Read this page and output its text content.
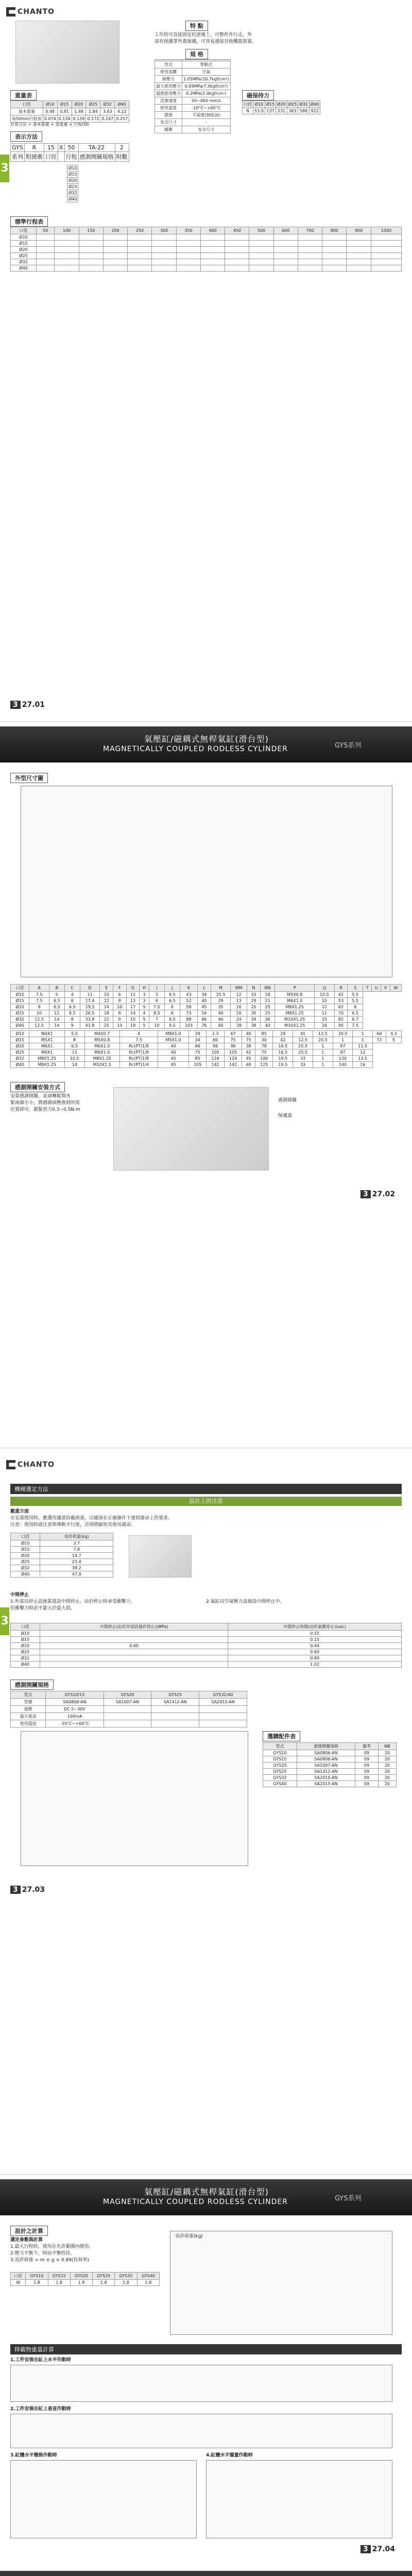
CHANTO
3
特 點
工作時可直接固定於滑塊上，可整件作行走，外
部有保護罩外蓋保護，可容易連接其他機器裝置。
規 格

型式	單動式
使用流體	空氣
耐壓力	1.05MPa(10.7kgf/cm²)
最大使用壓力	0.69MPa(7.0kgf/cm²)
最低使用壓力	0.2MPa(2.0kgf/cm²)
活塞速度	50~400 mm/s
使用溫度	-10°C~+60°C
潤滑	不需要(無給油)
安全尺寸	-
緩衝	安全尺寸
重量表
口徑	Ø10	Ø15	Ø20	Ø25	Ø32	Ø40
基本重量	0.48	0.81	1.48	1.84	3.63	4.22
每50mm行程加	0.074	0.134	0.139	0.172	0.247	0.257
計算方法 = 基本重量 + 加重量 × 行程/50
磁保持力
口徑	Ø10	Ø15	Ø20	Ø25	Ø32	Ø40
N	53.9	137	231	363	588	922
表示方法
GYS	R	15	X	50	TA-22	2
系列	附緩衝	口徑		行程	感測開關規格	附數
Ø10
Ø15
Ø20
Ø25
Ø32
Ø40
標準行程表
口徑	50	100	150	200	250	300	350	400	450	500	600	700	800	900	1000
Ø10															
Ø15															
Ø20															
Ø25															
Ø32															
Ø40															
3 27.01
氣壓缸/磁耦式無桿氣缸(滑台型)
MAGNETICALLY COUPLED RODLESS CYLINDER	GYS系列
外型尺寸圖
口徑	A	B	C	D	E	F	G	H	I	J	K	L	M	MM	N	NN	P	Q	R	S	T	U	V	W
Ø10	7.5	5	4	11	10	6	12	3	3	8.5	43	34	25.5	12	33	18	M5X0.8	10.5	42	5.5				
Ø15	7.5	6.5	6	17.4	12	8	13	3	6	6.5	52	40	29	13	29	21	M6X1.0	10	53	5.5				
Ø20	9	6.5	6.5	19.5	14	10	17	5	7.5	6	58	45	35	16	25	25	M8X1.25	12	62	6				
Ø25	10	11	8.5	26.5	18	8	14	4	8.5	8	73	54	40	20	30	25	M8X1.25	11	70	6.5				
Ø32	12.5	14	8	33.8	22	9	15	5	7	8.5	88	66	46	24	34	36	M10X1.25	15	82	6.7				
Ø40	12.5	14	9	41.8	25	10	18	5	10	9.5	103	76	60	28	38	40	M10X1.25	16	95	7.5				

Ø10	M4X1	5.5	M4X0.7	4	M8X1.0	29	1.3	67	40	85	29	41	12.5	20.5	1	60	4.3
Ø15	M5X1	8	M5X0.8	7.5	M5X1.0	34	60	75	75	30	42	12.5	20.5	1	1	72	5
Ø20	M6X1	6.5	M6X1.0	Rc(PT)1/8	40	66	96	96	38	78	16.5	25.5	1	97	11.5		
Ø25	M6X1	11	M6X1.0	Rc(PT)1/8	40	75	105	105	42	75	16.5	25.5	1	97	12		
Ø32	M8X1.25	10.5	M8X1.25	Rc(PT)1/8	45	85	124	124	45	100	19.5	33	1	130	13.5		
Ø40	M8X1.25	14	M10X1.5	Rc(PT)1/4	45	105	142	142	48	125	19.5	33	1	140	16		
感測開關安裝方式
安裝感測開關，並請轉鬆與夾
緊兩個小小，將感測頭壓推到所需
位置即可。鎖緊扭力0.3~0.5N.m
感測開關
保護蓋
3 27.02
CHANTO
3
機種選定方法
設計上的注意
載重方面
在安裝使用時，應選用適當的載荷重，以確保在正確操作下達到壽命上的要求。
注意：使用時請注意與導軌平行度，否則將縮短其使用壽命。
口徑	容許荷重(kg)
Ø10	3.7
Ø15	7.8
Ø20	14.7
Ø25	23.4
Ø32	38.2
Ø40	47.0
中間停止
1.外部以停止設施裝置設中間停止，由於停止時承受衝擊力，
但衝擊力時必不能大於最大值。
2.氣缸以空氣壓力設施設中間停止中。
口徑	中間停止(由於外部設施作停止)(MPa)	中間停止時間(由於氣壓停止)(sec)
Ø10		0.55
Ø15		0.15
Ø20	0.60	0.44
Ø25		0.60
Ø32		0.89
Ø40		1.02
感測開關規格
型式	GYS10/15	GYS20	GYS25	GYS32/40
型號	SA0806-AN	SA1007-AN	SA1412-AN	SA2015-AN
電壓	DC 5~30V			
最大電流	100mA			
使用溫度	-10°C~+60°C			
選購配件表
型式	感測開關規格	備考	NB
GYS10	SA0806-AN	09	20
GYS15	SA0806-AN	09	20
GYS20	SA1007-AN	09	20
GYS25	SA1412-AN	09	20
GYS32	SA2015-AN	09	20
GYS40	SA2015-AN	09	20
3 27.03
氣壓缸/磁耦式無桿氣缸(滑台型)
MAGNETICALLY COUPLED RODLESS CYLINDER	GYS系列
設計之計算
選定參數與計算
1.最大行程時，使用在允許範圍內使用。
2.壓力平衡下，時而平衡性佳。
3.容許荷重 = m × g × 0.89(負荷率)
容許荷重(kg)
口徑	GYS10	GYS15	GYS20	GYS25	GYS32	GYS40
W	1.8	1.8	1.8	1.8	1.8	1.8
移載物重量計算
1.工件安裝在缸上水平作動時
2.工件安裝在缸上垂直作動時
3.缸體水平懸掛作動時	4.缸體水平擺置作動時
3 27.04
